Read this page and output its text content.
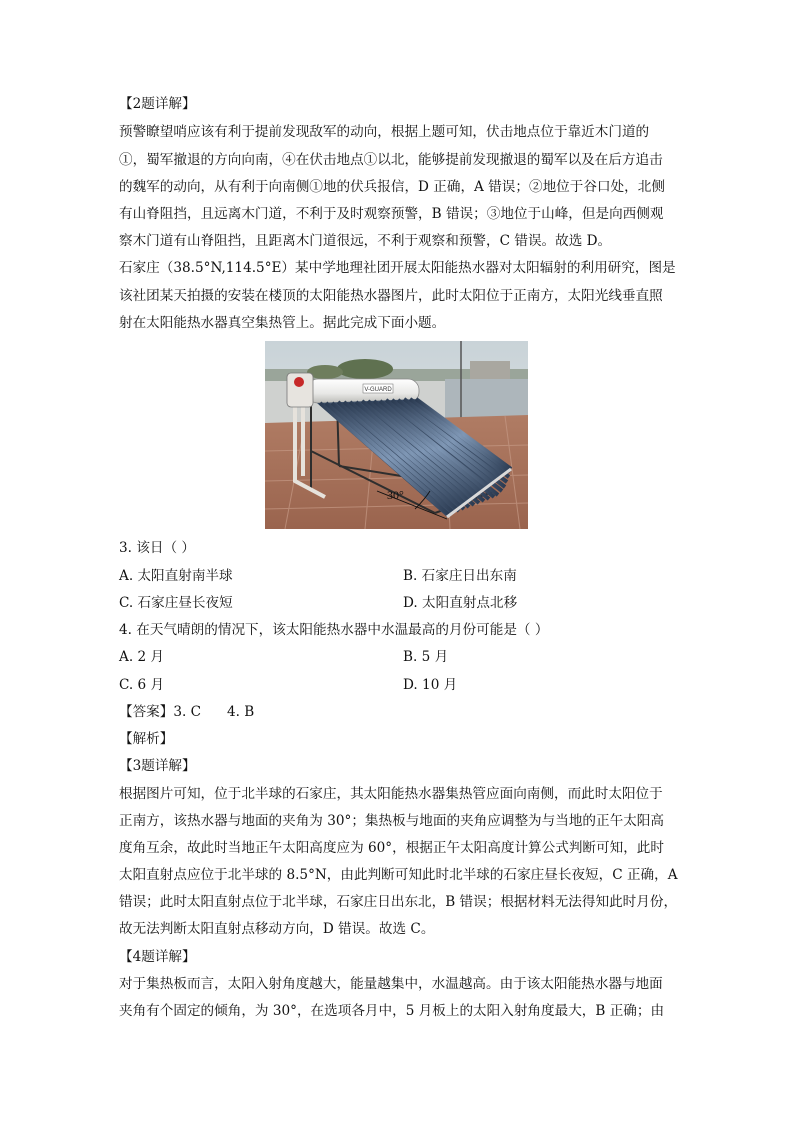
【2题详解】
预警瞭望哨应该有利于提前发现敌军的动向，根据上题可知，伏击地点位于靠近木门道的
①，蜀军撤退的方向向南，④在伏击地点①以北，能够提前发现撤退的蜀军以及在后方追击
的魏军的动向，从有利于向南侧①地的伏兵报信，D 正确，A 错误；②地位于谷口处，北侧
有山脊阻挡，且远离木门道，不利于及时观察预警，B 错误；③地位于山峰，但是向西侧观
察木门道有山脊阻挡，且距离木门道很远，不利于观察和预警，C 错误。故选 D。
石家庄（38.5°N,114.5°E）某中学地理社团开展太阳能热水器对太阳辐射的利用研究，图是
该社团某天拍摄的安装在楼顶的太阳能热水器图片，此时太阳位于正南方，太阳光线垂直照
射在太阳能热水器真空集热管上。据此完成下面小题。
V-GUARD
30°
3. 该日（ ）
A. 太阳直射南半球	B. 石家庄日出东南
C. 石家庄昼长夜短	D. 太阳直射点北移
4. 在天气晴朗的情况下，该太阳能热水器中水温最高的月份可能是（ ）
A. 2 月	B. 5 月
C. 6 月	D. 10 月
【答案】3. C      4. B
【解析】
【3题详解】
根据图片可知，位于北半球的石家庄，其太阳能热水器集热管应面向南侧，而此时太阳位于
正南方，该热水器与地面的夹角为 30°；集热板与地面的夹角应调整为与当地的正午太阳高
度角互余，故此时当地正午太阳高度应为 60°，根据正午太阳高度计算公式判断可知，此时
太阳直射点应位于北半球的 8.5°N，由此判断可知此时北半球的石家庄昼长夜短，C 正确，A
错误；此时太阳直射点位于北半球，石家庄日出东北，B 错误；根据材料无法得知此时月份，
故无法判断太阳直射点移动方向，D 错误。故选 C。
【4题详解】
对于集热板而言，太阳入射角度越大，能量越集中，水温越高。由于该太阳能热水器与地面
夹角有个固定的倾角，为 30°，在选项各月中，5 月板上的太阳入射角度最大，B 正确；由
